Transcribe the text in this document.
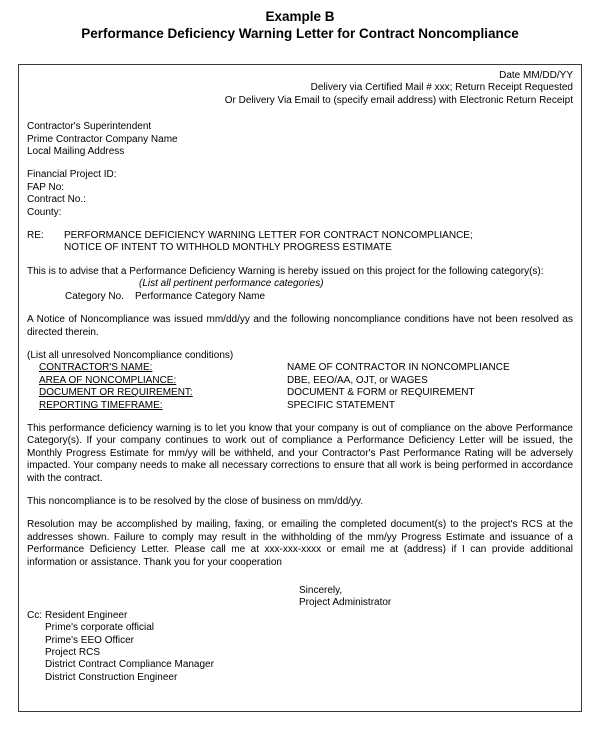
Example B
Performance Deficiency Warning Letter for Contract Noncompliance
Date MM/DD/YY
Delivery via Certified Mail # xxx; Return Receipt Requested
Or Delivery Via Email to (specify email address) with Electronic Return Receipt
Contractor's Superintendent
Prime Contractor Company Name
Local Mailing Address
Financial Project ID:
FAP No:
Contract No.:
County:
RE:	PERFORMANCE DEFICIENCY WARNING LETTER FOR CONTRACT NONCOMPLIANCE;
NOTICE OF INTENT TO WITHHOLD MONTHLY PROGRESS ESTIMATE
This is to advise that a Performance Deficiency Warning is hereby issued on this project for the following category(s):
(List all pertinent performance categories)
Category No.	Performance Category Name
A Notice of Noncompliance was issued mm/dd/yy and the following noncompliance conditions have not been resolved as directed therein.
(List all unresolved Noncompliance conditions)
CONTRACTOR'S NAME:	NAME OF CONTRACTOR IN NONCOMPLIANCE
AREA OF NONCOMPLIANCE:	DBE, EEO/AA, OJT, or WAGES
DOCUMENT OR REQUIREMENT:	DOCUMENT & FORM or REQUIREMENT
REPORTING TIMEFRAME:	SPECIFIC STATEMENT
This performance deficiency warning is to let you know that your company is out of compliance on the above Performance Category(s). If your company continues to work out of compliance a Performance Deficiency Letter will be issued, the Monthly Progress Estimate for mm/yy will be withheld, and your Contractor's Past Performance Rating will be adversely impacted. Your company needs to make all necessary corrections to ensure that all work is being performed in accordance with the contract.
This noncompliance is to be resolved by the close of business on mm/dd/yy.
Resolution may be accomplished by mailing, faxing, or emailing the completed document(s) to the project's RCS at the addresses shown. Failure to comply may result in the withholding of the mm/yy Progress Estimate and issuance of a Performance Deficiency Letter. Please call me at xxx-xxx-xxxx or email me at (address) if I can provide additional information or assistance. Thank you for your cooperation
Sincerely,
Project Administrator
Cc: Resident Engineer
Prime's corporate official
Prime's EEO Officer
Project RCS
District Contract Compliance Manager
District Construction Engineer
